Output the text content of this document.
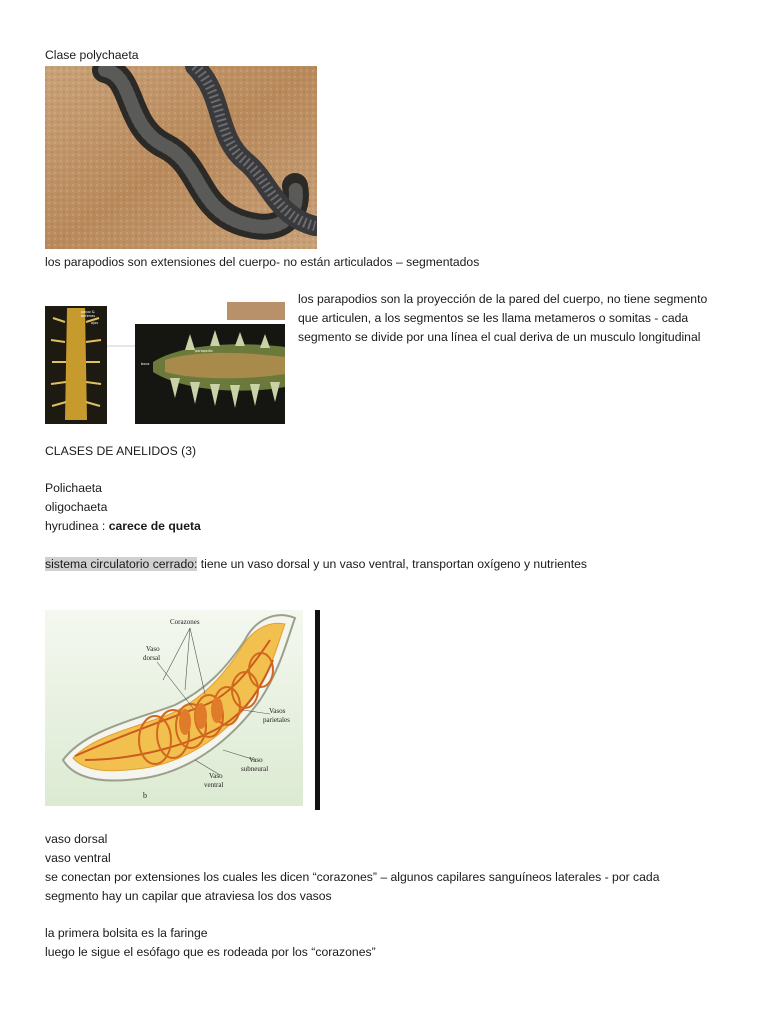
Clase polychaeta
los parapodios son extensiones del cuerpo- no están articulados – segmentados
palpo &
antenas
ojos
parapodio
boca
los parapodios son la proyección de la pared del cuerpo, no tiene segmento
que articulen, a los segmentos se les llama metameros o somitas - cada
segmento se divide por una línea el cual deriva de un musculo longitudinal
CLASES DE ANELIDOS (3)
Polichaeta
oligochaeta
hyrudinea : carece de queta
sistema circulatorio cerrado: tiene un vaso dorsal y un vaso ventral, transportan oxígeno y nutrientes
Corazones
Vaso
dorsal
Vasos
parietales
Vaso
subneural
Vaso
ventral
b
vaso dorsal
vaso ventral
se conectan por extensiones los cuales les dicen “corazones” – algunos capilares sanguíneos laterales - por cada
segmento hay un capilar que atraviesa los dos vasos
la primera bolsita es la faringe
luego le sigue el esófago que es rodeada por los “corazones”
